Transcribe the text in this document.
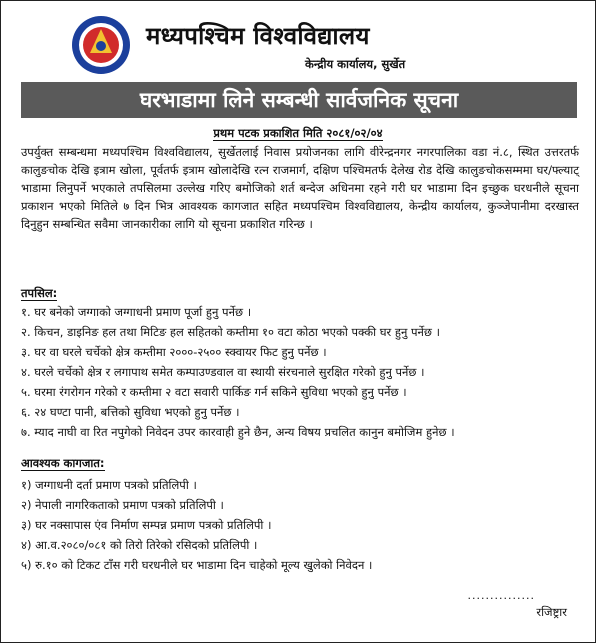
मध्यपश्चिम विश्वविद्यालय
केन्द्रीय कार्यालय, सुर्खेत
घरभाडामा लिने सम्बन्धी सार्वजनिक सूचना
प्रथम पटक प्रकाशित मिति २०८१/०२/०४
उपर्युक्त सम्बन्धमा मध्यपश्चिम विश्वविद्यालय, सुर्खेतलाई निवास प्रयोजनका लागि वीरेन्द्रनगर नगरपालिका वडा नं.८, स्थित उत्तरतर्फ कालुङचोक देखि इत्राम खोला, पूर्वतर्फ इत्राम खोलादेखि रत्न राजमार्ग, दक्षिण पश्चिमतर्फ देलेख रोड देखि कालुङचोकसम्ममा घर/फ्ल्याट् भाडामा लिनुपर्ने भएकाले तपसिलमा उल्लेख गरिए बमोजिको शर्त बन्देज अधिनमा रहने गरी घर भाडामा दिन इच्छुक घरधनीले सूचना प्रकाशन भएको मितिले ७ दिन भित्र आवश्यक कागजात सहित मध्यपश्चिम विश्वविद्यालय, केन्द्रीय कार्यालय, कुञ्जेपानीमा दरखास्त दिनुहुन सम्बन्धित सवैमा जानकारीका लागि यो सूचना प्रकाशित गरिन्छ ।
तपसिल:
१. घर बनेको जग्गाको जग्गाधनी प्रमाण पूर्जा हुनु पर्नेछ ।
२. किचन, डाइनिङ हल तथा मिटिङ हल सहितको कम्तीमा १० वटा कोठा भएको पक्की घर हुनु पर्नेछ ।
३. घर वा घरले चर्चेको क्षेत्र कम्तीमा २०००-२५०० स्क्वायर फिट हुनु पर्नेछ ।
४. घरले चर्चेको क्षेत्र र लगापाथ समेत कम्पाउण्डवाल वा स्थायी संरचनाले सुरक्षित गरेको हुनु पर्नेछ ।
५. घरमा रंगरोगन गरेको र कम्तीमा २ वटा सवारी पार्किङ गर्न सकिने सुविधा भएको हुनु पर्नेछ ।
६. २४ घण्टा पानी, बत्तिको सुविधा भएको हुनु पर्नेछ ।
७. म्याद नाघी वा रित नपुगेको निवेदन उपर कारवाही हुने छैन, अन्य विषय प्रचलित कानुन बमोजिम हुनेछ ।
आवश्यक कागजात:
१) जग्गाधनी दर्ता प्रमाण पत्रको प्रतिलिपी ।
२) नेपाली नागरिकताको प्रमाण पत्रको प्रतिलिपी ।
३) घर नक्सापास एंव निर्माण सम्पन्न प्रमाण पत्रको प्रतिलिपी ।
४) आ.व.२०८०/०८१ को तिरो तिरेको रसिदको प्रतिलिपी ।
५) रु.१० को टिकट टाँस गरी घरधनीले घर भाडामा दिन चाहेको मूल्य खुलेको निवेदन ।
...............
रजिष्ट्रार
